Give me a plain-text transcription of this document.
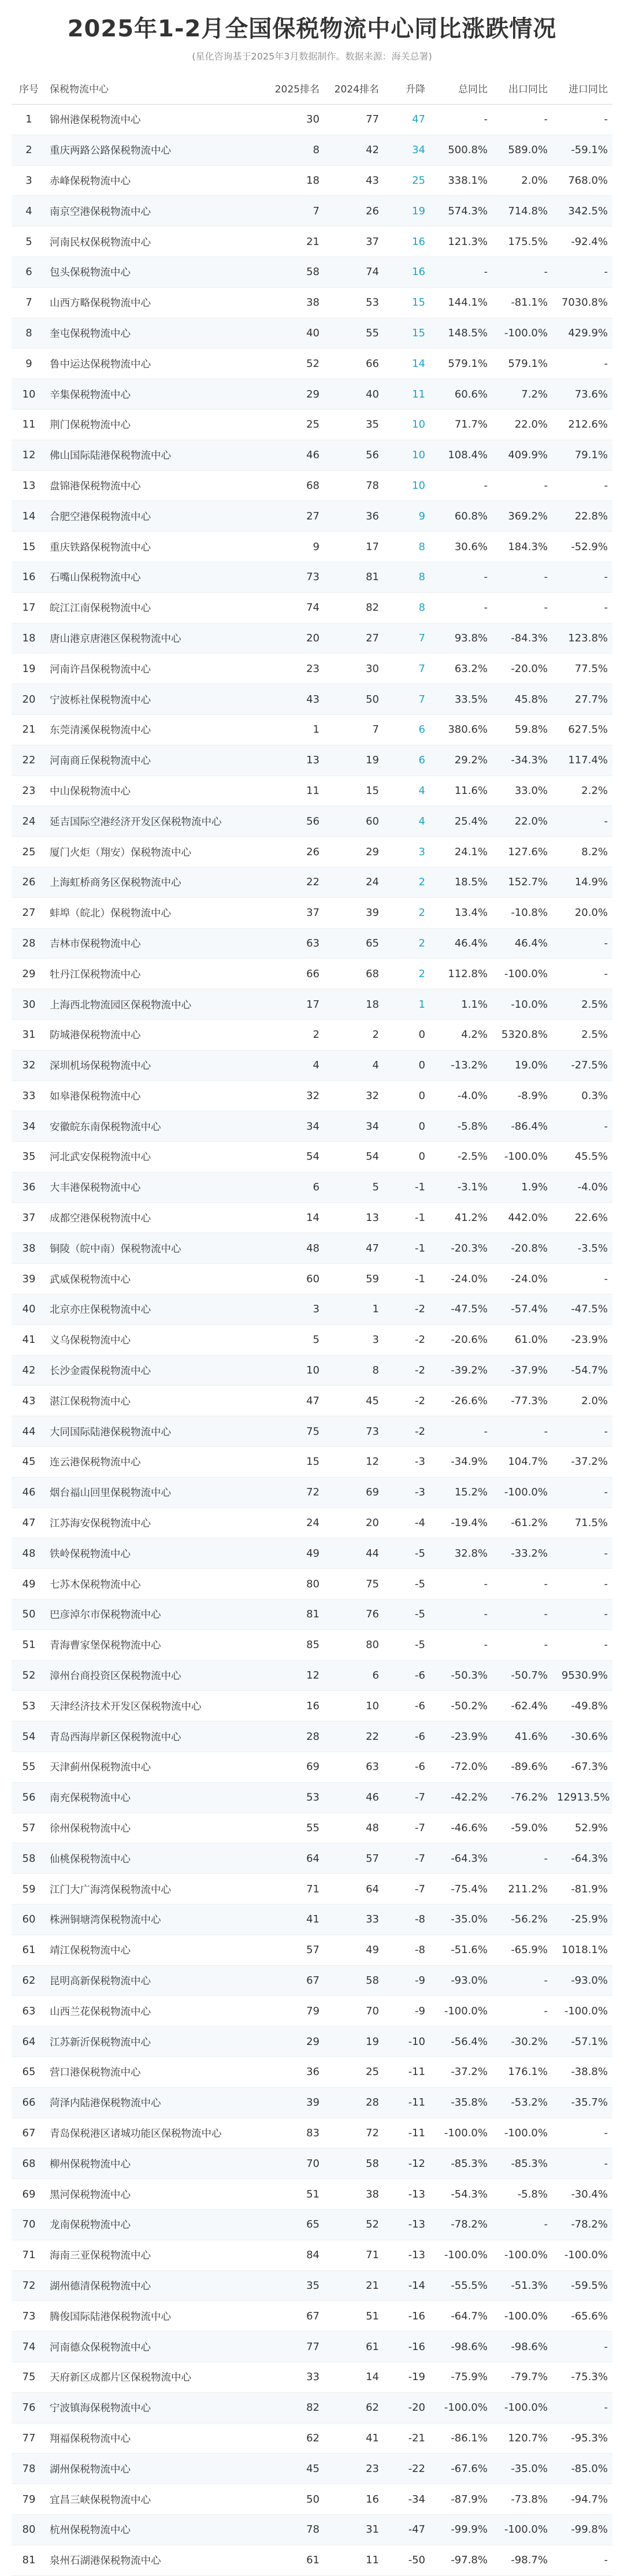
2025年1-2月全国保税物流中心同比涨跌情况
(星化咨询基于2025年3月数据制作。数据来源：海关总署)
序号	保税物流中心	2025排名	2024排名	升降	总同比	出口同比	进口同比
1	锦州港保税物流中心	30	77	47	-	-	-
2	重庆两路公路保税物流中心	8	42	34	500.8%	589.0%	-59.1%
3	赤峰保税物流中心	18	43	25	338.1%	2.0%	768.0%
4	南京空港保税物流中心	7	26	19	574.3%	714.8%	342.5%
5	河南民权保税物流中心	21	37	16	121.3%	175.5%	-92.4%
6	包头保税物流中心	58	74	16	-	-	-
7	山西方略保税物流中心	38	53	15	144.1%	-81.1%	7030.8%
8	奎屯保税物流中心	40	55	15	148.5%	-100.0%	429.9%
9	鲁中运达保税物流中心	52	66	14	579.1%	579.1%	-
10	辛集保税物流中心	29	40	11	60.6%	7.2%	73.6%
11	荆门保税物流中心	25	35	10	71.7%	22.0%	212.6%
12	佛山国际陆港保税物流中心	46	56	10	108.4%	409.9%	79.1%
13	盘锦港保税物流中心	68	78	10	-	-	-
14	合肥空港保税物流中心	27	36	9	60.8%	369.2%	22.8%
15	重庆铁路保税物流中心	9	17	8	30.6%	184.3%	-52.9%
16	石嘴山保税物流中心	73	81	8	-	-	-
17	皖江江南保税物流中心	74	82	8	-	-	-
18	唐山港京唐港区保税物流中心	20	27	7	93.8%	-84.3%	123.8%
19	河南许昌保税物流中心	23	30	7	63.2%	-20.0%	77.5%
20	宁波栎社保税物流中心	43	50	7	33.5%	45.8%	27.7%
21	东莞清溪保税物流中心	1	7	6	380.6%	59.8%	627.5%
22	河南商丘保税物流中心	13	19	6	29.2%	-34.3%	117.4%
23	中山保税物流中心	11	15	4	11.6%	33.0%	2.2%
24	延吉国际空港经济开发区保税物流中心	56	60	4	25.4%	22.0%	-
25	厦门火炬（翔安）保税物流中心	26	29	3	24.1%	127.6%	8.2%
26	上海虹桥商务区保税物流中心	22	24	2	18.5%	152.7%	14.9%
27	蚌埠（皖北）保税物流中心	37	39	2	13.4%	-10.8%	20.0%
28	吉林市保税物流中心	63	65	2	46.4%	46.4%	-
29	牡丹江保税物流中心	66	68	2	112.8%	-100.0%	-
30	上海西北物流园区保税物流中心	17	18	1	1.1%	-10.0%	2.5%
31	防城港保税物流中心	2	2	0	4.2%	5320.8%	2.5%
32	深圳机场保税物流中心	4	4	0	-13.2%	19.0%	-27.5%
33	如皋港保税物流中心	32	32	0	-4.0%	-8.9%	0.3%
34	安徽皖东南保税物流中心	34	34	0	-5.8%	-86.4%	-
35	河北武安保税物流中心	54	54	0	-2.5%	-100.0%	45.5%
36	大丰港保税物流中心	6	5	-1	-3.1%	1.9%	-4.0%
37	成都空港保税物流中心	14	13	-1	41.2%	442.0%	22.6%
38	铜陵（皖中南）保税物流中心	48	47	-1	-20.3%	-20.8%	-3.5%
39	武威保税物流中心	60	59	-1	-24.0%	-24.0%	-
40	北京亦庄保税物流中心	3	1	-2	-47.5%	-57.4%	-47.5%
41	义乌保税物流中心	5	3	-2	-20.6%	61.0%	-23.9%
42	长沙金霞保税物流中心	10	8	-2	-39.2%	-37.9%	-54.7%
43	湛江保税物流中心	47	45	-2	-26.6%	-77.3%	2.0%
44	大同国际陆港保税物流中心	75	73	-2	-	-	-
45	连云港保税物流中心	15	12	-3	-34.9%	104.7%	-37.2%
46	烟台福山回里保税物流中心	72	69	-3	15.2%	-100.0%	-
47	江苏海安保税物流中心	24	20	-4	-19.4%	-61.2%	71.5%
48	铁岭保税物流中心	49	44	-5	32.8%	-33.2%	-
49	七苏木保税物流中心	80	75	-5	-	-	-
50	巴彦淖尔市保税物流中心	81	76	-5	-	-	-
51	青海曹家堡保税物流中心	85	80	-5	-	-	-
52	漳州台商投资区保税物流中心	12	6	-6	-50.3%	-50.7%	9530.9%
53	天津经济技术开发区保税物流中心	16	10	-6	-50.2%	-62.4%	-49.8%
54	青岛西海岸新区保税物流中心	28	22	-6	-23.9%	41.6%	-30.6%
55	天津蓟州保税物流中心	69	63	-6	-72.0%	-89.6%	-67.3%
56	南充保税物流中心	53	46	-7	-42.2%	-76.2%	12913.5%
57	徐州保税物流中心	55	48	-7	-46.6%	-59.0%	52.9%
58	仙桃保税物流中心	64	57	-7	-64.3%	-	-64.3%
59	江门大广海湾保税物流中心	71	64	-7	-75.4%	211.2%	-81.9%
60	株洲铜塘湾保税物流中心	41	33	-8	-35.0%	-56.2%	-25.9%
61	靖江保税物流中心	57	49	-8	-51.6%	-65.9%	1018.1%
62	昆明高新保税物流中心	67	58	-9	-93.0%	-	-93.0%
63	山西兰花保税物流中心	79	70	-9	-100.0%	-	-100.0%
64	江苏新沂保税物流中心	29	19	-10	-56.4%	-30.2%	-57.1%
65	营口港保税物流中心	36	25	-11	-37.2%	176.1%	-38.8%
66	菏泽内陆港保税物流中心	39	28	-11	-35.8%	-53.2%	-35.7%
67	青岛保税港区诸城功能区保税物流中心	83	72	-11	-100.0%	-100.0%	-
68	柳州保税物流中心	70	58	-12	-85.3%	-85.3%	-
69	黑河保税物流中心	51	38	-13	-54.3%	-5.8%	-30.4%
70	龙南保税物流中心	65	52	-13	-78.2%	-	-78.2%
71	海南三亚保税物流中心	84	71	-13	-100.0%	-100.0%	-100.0%
72	湖州德清保税物流中心	35	21	-14	-55.5%	-51.3%	-59.5%
73	腾俊国际陆港保税物流中心	67	51	-16	-64.7%	-100.0%	-65.6%
74	河南德众保税物流中心	77	61	-16	-98.6%	-98.6%	-
75	天府新区成都片区保税物流中心	33	14	-19	-75.9%	-79.7%	-75.3%
76	宁波镇海保税物流中心	82	62	-20	-100.0%	-100.0%	-
77	翔福保税物流中心	62	41	-21	-86.1%	120.7%	-95.3%
78	湖州保税物流中心	45	23	-22	-67.6%	-35.0%	-85.0%
79	宜昌三峡保税物流中心	50	16	-34	-87.9%	-73.8%	-94.7%
80	杭州保税物流中心	78	31	-47	-99.9%	-100.0%	-99.8%
81	泉州石湖港保税物流中心	61	11	-50	-97.8%	-98.7%	-
